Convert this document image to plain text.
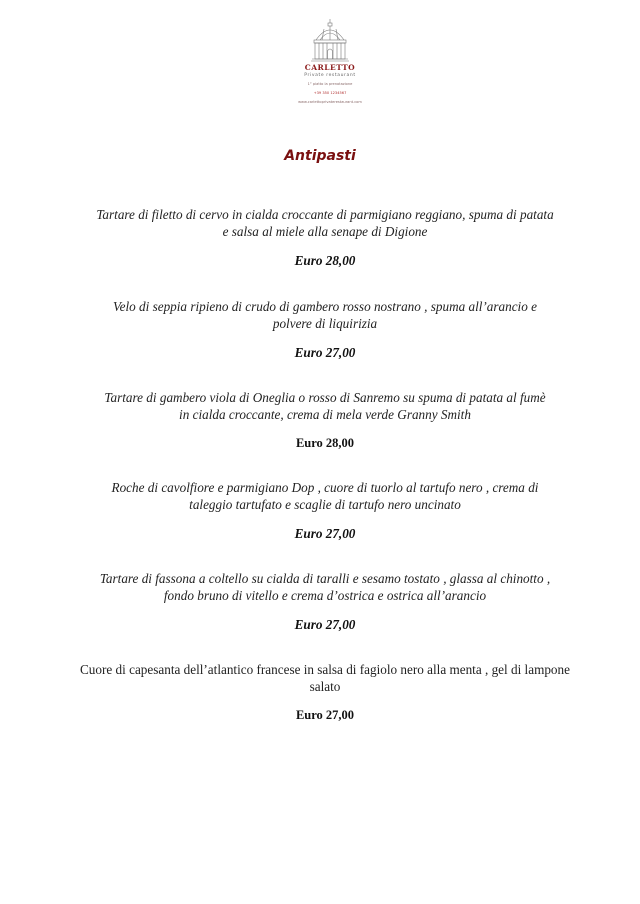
CARLETTO
Private restaurant
1° piatto la prenotazione
+39 350 1234567
www.carlettoprivaterestaurant.com
Antipasti
Tartare di filetto di cervo in cialda croccante di parmigiano reggiano, spuma di patata
e salsa al miele alla senape di Digione
Euro 28,00
Velo di seppia ripieno di crudo di gambero rosso nostrano , spuma all’arancio e
polvere di liquirizia
Euro 27,00
Tartare di gambero viola di Oneglia o rosso di Sanremo su spuma di patata al fumè
in cialda croccante, crema di mela verde Granny Smith
Euro 28,00
Roche di cavolfiore e parmigiano Dop , cuore di tuorlo al tartufo nero , crema di
taleggio tartufato e scaglie di tartufo nero uncinato
Euro 27,00
Tartare di fassona a coltello su cialda di taralli e sesamo tostato , glassa al chinotto ,
fondo bruno di vitello e crema d’ostrica e ostrica all’arancio
Euro 27,00
Cuore di capesanta dell’atlantico francese in salsa di fagiolo nero alla menta , gel di lampone
salato
Euro 27,00
